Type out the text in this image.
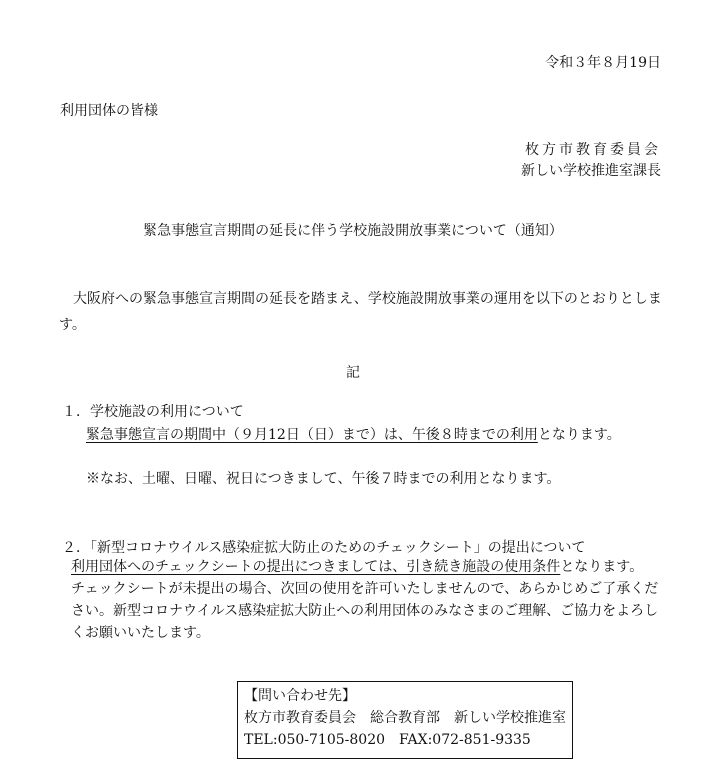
令和３年８月19日
利用団体の皆様
枚方市教育委員会
新しい学校推進室課長
緊急事態宣言期間の延長に伴う学校施設開放事業について（通知）
大阪府への緊急事態宣言期間の延長を踏まえ、学校施設開放事業の運用を以下のとおりとします。
記
１．学校施設の利用について
緊急事態宣言の期間中（９月12日（日）まで）は、午後８時までの利用となります。
※なお、土曜、日曜、祝日につきまして、午後７時までの利用となります。
２．「新型コロナウイルス感染症拡大防止のためのチェックシート」の提出について
利用団体へのチェックシートの提出につきましては、引き続き施設の使用条件となります。
チェックシートが未提出の場合、次回の使用を許可いたしませんので、あらかじめご了承ください。新型コロナウイルス感染症拡大防止への利用団体のみなさまのご理解、ご協力をよろしくお願いいたします。
【問い合わせ先】
枚方市教育委員会　総合教育部　新しい学校推進室
TEL:050-7105-8020　FAX:072-851-9335
